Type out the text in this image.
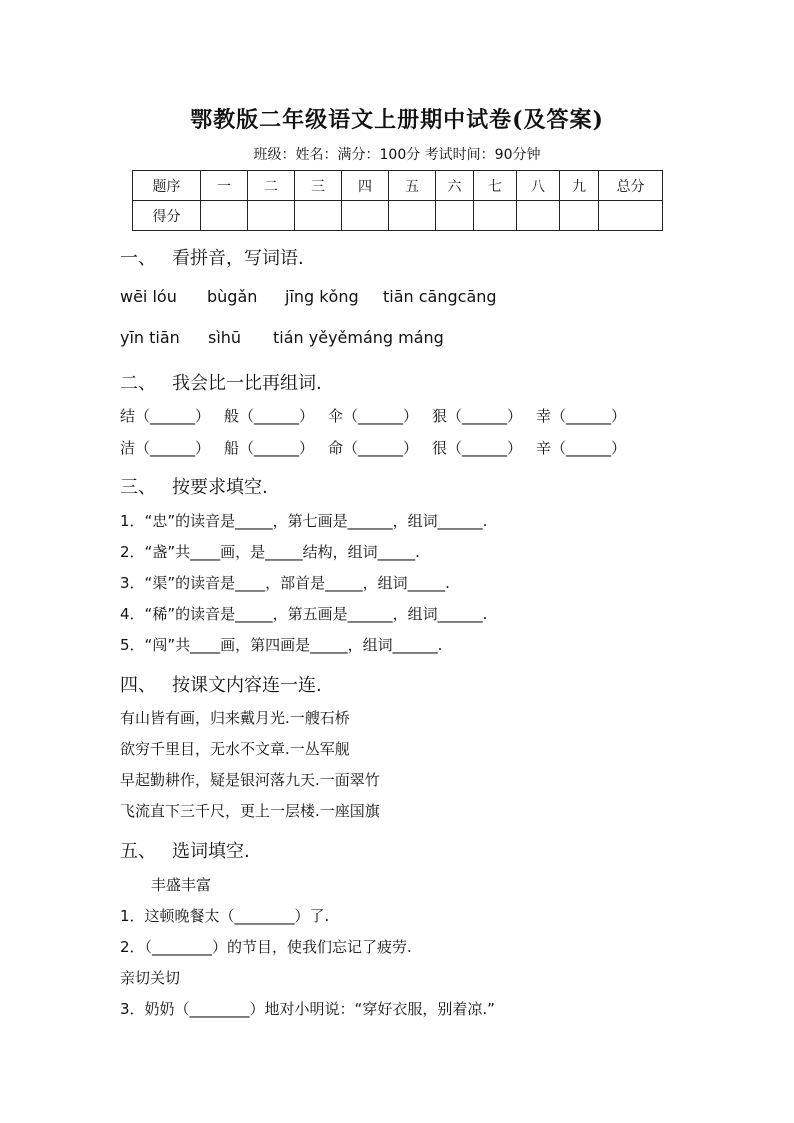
鄂教版二年级语文上册期中试卷(及答案)
班级：姓名：满分：100分 考试时间：90分钟
题序	一	二	三	四	五	六	七	八	九	总分
得分										
一、 看拼音，写词语.
wēi lóu bùgǎn jīng kǒng tiān cāngcāng
yīn tiān sìhū tián yěyěmáng máng
二、 我会比一比再组词.
结（______） 般（______） 伞（______） 狠（______） 幸（______）
洁（______） 船（______） 命（______） 很（______） 辛（______）
三、 按要求填空.
1．“忠”的读音是_____，第七画是______，组词______.
2．“盏”共____画，是_____结构，组词_____.
3．“渠”的读音是____，部首是_____，组词_____.
4．“稀”的读音是_____，第五画是______，组词______.
5．“闯”共____画，第四画是_____，组词______.
四、 按课文内容连一连.
有山皆有画，归来戴月光.一艘石桥
欲穷千里目，无水不文章.一丛军舰
早起勤耕作，疑是银河落九天.一面翠竹
飞流直下三千尺，更上一层楼.一座国旗
五、 选词填空.
丰盛丰富
1．这顿晚餐太（________）了.
2．（________）的节目，使我们忘记了疲劳.
亲切关切
3．奶奶（________）地对小明说：“穿好衣服，别着凉.”
